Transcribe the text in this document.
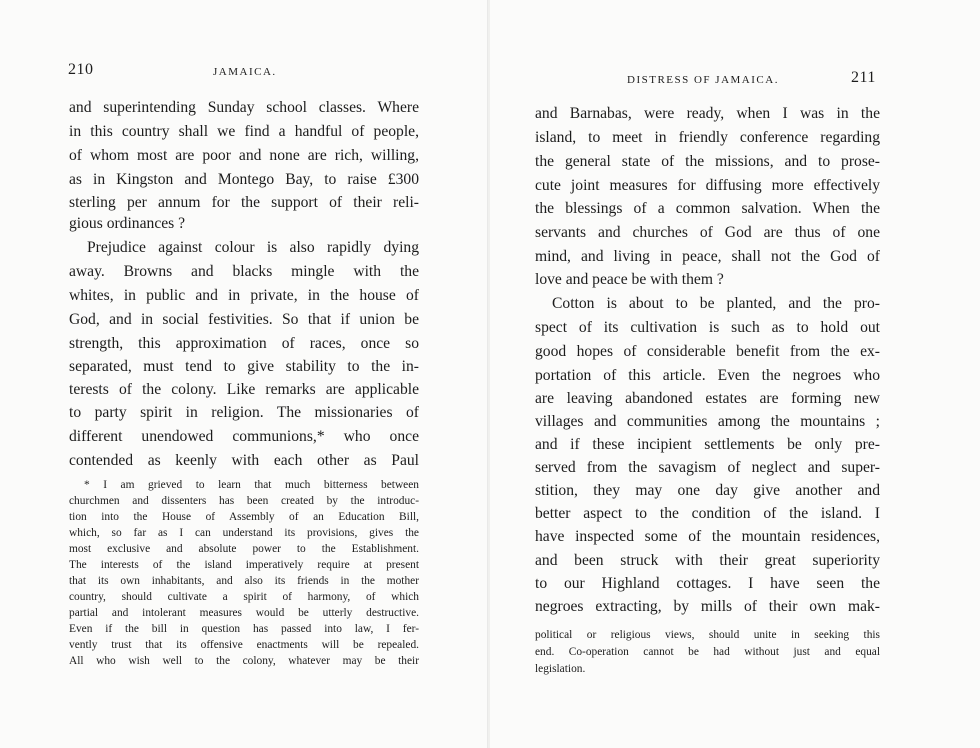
210	JAMAICA.
and superintending Sunday school classes. Where
in this country shall we find a handful of people,
of whom most are poor and none are rich, willing,
as in Kingston and Montego Bay, to raise £300
sterling per annum for the support of their reli-
gious ordinances ?
Prejudice against colour is also rapidly dying
away. Browns and blacks mingle with the
whites, in public and in private, in the house of
God, and in social festivities. So that if union be
strength, this approximation of races, once so
separated, must tend to give stability to the in-
terests of the colony. Like remarks are applicable
to party spirit in religion. The missionaries of
different unendowed communions,* who once
contended as keenly with each other as Paul
* I am grieved to learn that much bitterness between
churchmen and dissenters has been created by the introduc-
tion into the House of Assembly of an Education Bill,
which, so far as I can understand its provisions, gives the
most exclusive and absolute power to the Establishment.
The interests of the island imperatively require at present
that its own inhabitants, and also its friends in the mother
country, should cultivate a spirit of harmony, of which
partial and intolerant measures would be utterly destructive.
Even if the bill in question has passed into law, I fer-
vently trust that its offensive enactments will be repealed.
All who wish well to the colony, whatever may be their
DISTRESS OF JAMAICA.	211
and Barnabas, were ready, when I was in the
island, to meet in friendly conference regarding
the general state of the missions, and to prose-
cute joint measures for diffusing more effectively
the blessings of a common salvation. When the
servants and churches of God are thus of one
mind, and living in peace, shall not the God of
love and peace be with them ?
Cotton is about to be planted, and the pro-
spect of its cultivation is such as to hold out
good hopes of considerable benefit from the ex-
portation of this article. Even the negroes who
are leaving abandoned estates are forming new
villages and communities among the mountains ;
and if these incipient settlements be only pre-
served from the savagism of neglect and super-
stition, they may one day give another and
better aspect to the condition of the island. I
have inspected some of the mountain residences,
and been struck with their great superiority
to our Highland cottages. I have seen the
negroes extracting, by mills of their own mak-
political or religious views, should unite in seeking this
end. Co-operation cannot be had without just and equal
legislation.
